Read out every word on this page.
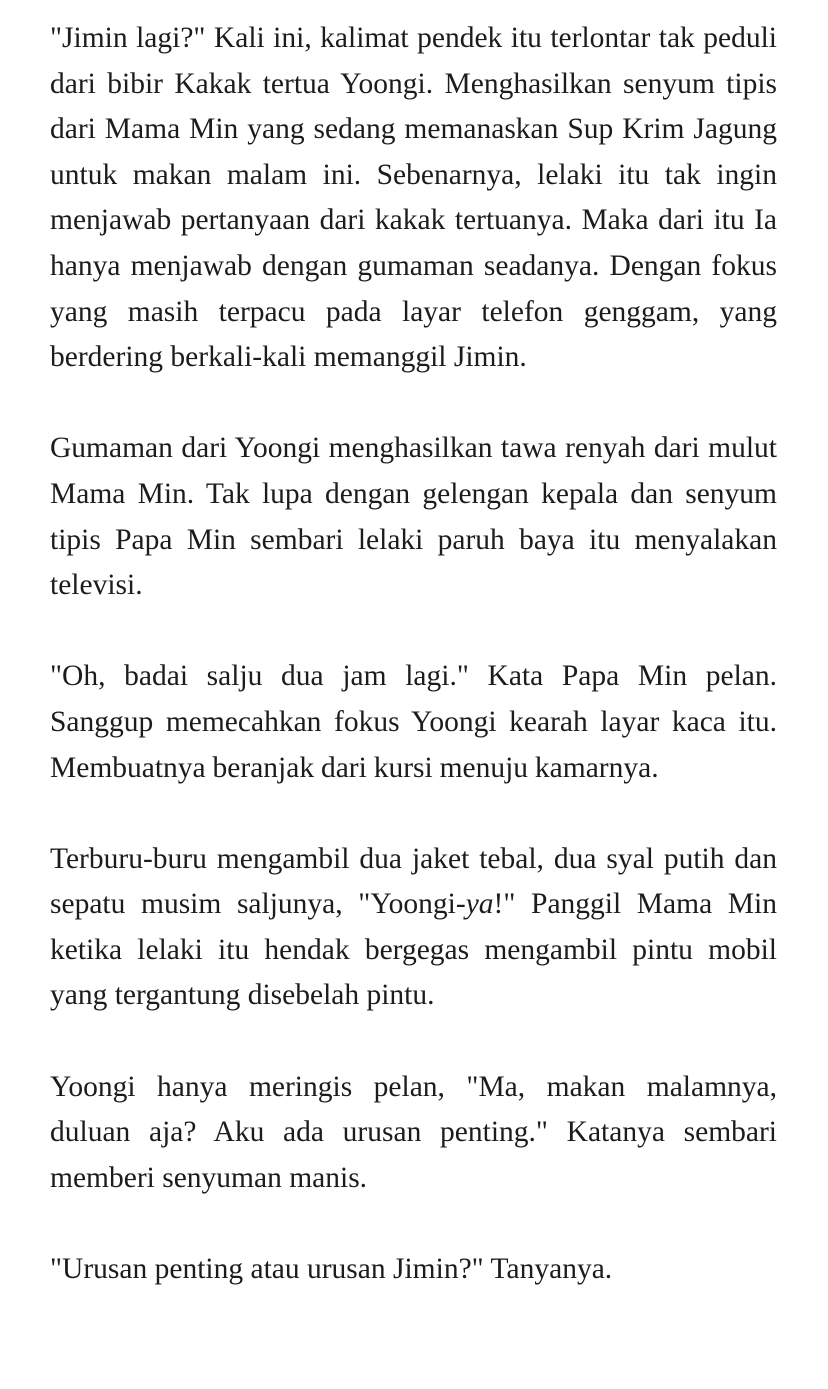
"Jimin lagi?" Kali ini, kalimat pendek itu terlontar tak peduli dari bibir Kakak tertua Yoongi. Menghasilkan senyum tipis dari Mama Min yang sedang memanaskan Sup Krim Jagung untuk makan malam ini. Sebenarnya, lelaki itu tak ingin menjawab pertanyaan dari kakak tertuanya. Maka dari itu Ia hanya menjawab dengan gumaman seadanya. Dengan fokus yang masih terpacu pada layar telefon genggam, yang berdering berkali-kali memanggil Jimin.

Gumaman dari Yoongi menghasilkan tawa renyah dari mulut Mama Min. Tak lupa dengan gelengan kepala dan senyum tipis Papa Min sembari lelaki paruh baya itu menyalakan televisi.

"Oh, badai salju dua jam lagi." Kata Papa Min pelan. Sanggup memecahkan fokus Yoongi kearah layar kaca itu. Membuatnya beranjak dari kursi menuju kamarnya.

Terburu-buru mengambil dua jaket tebal, dua syal putih dan sepatu musim saljunya, "Yoongi-ya!" Panggil Mama Min ketika lelaki itu hendak bergegas mengambil pintu mobil yang tergantung disebelah pintu.

Yoongi hanya meringis pelan, "Ma, makan malamnya, duluan aja? Aku ada urusan penting." Katanya sembari memberi senyuman manis.

"Urusan penting atau urusan Jimin?" Tanyanya.
